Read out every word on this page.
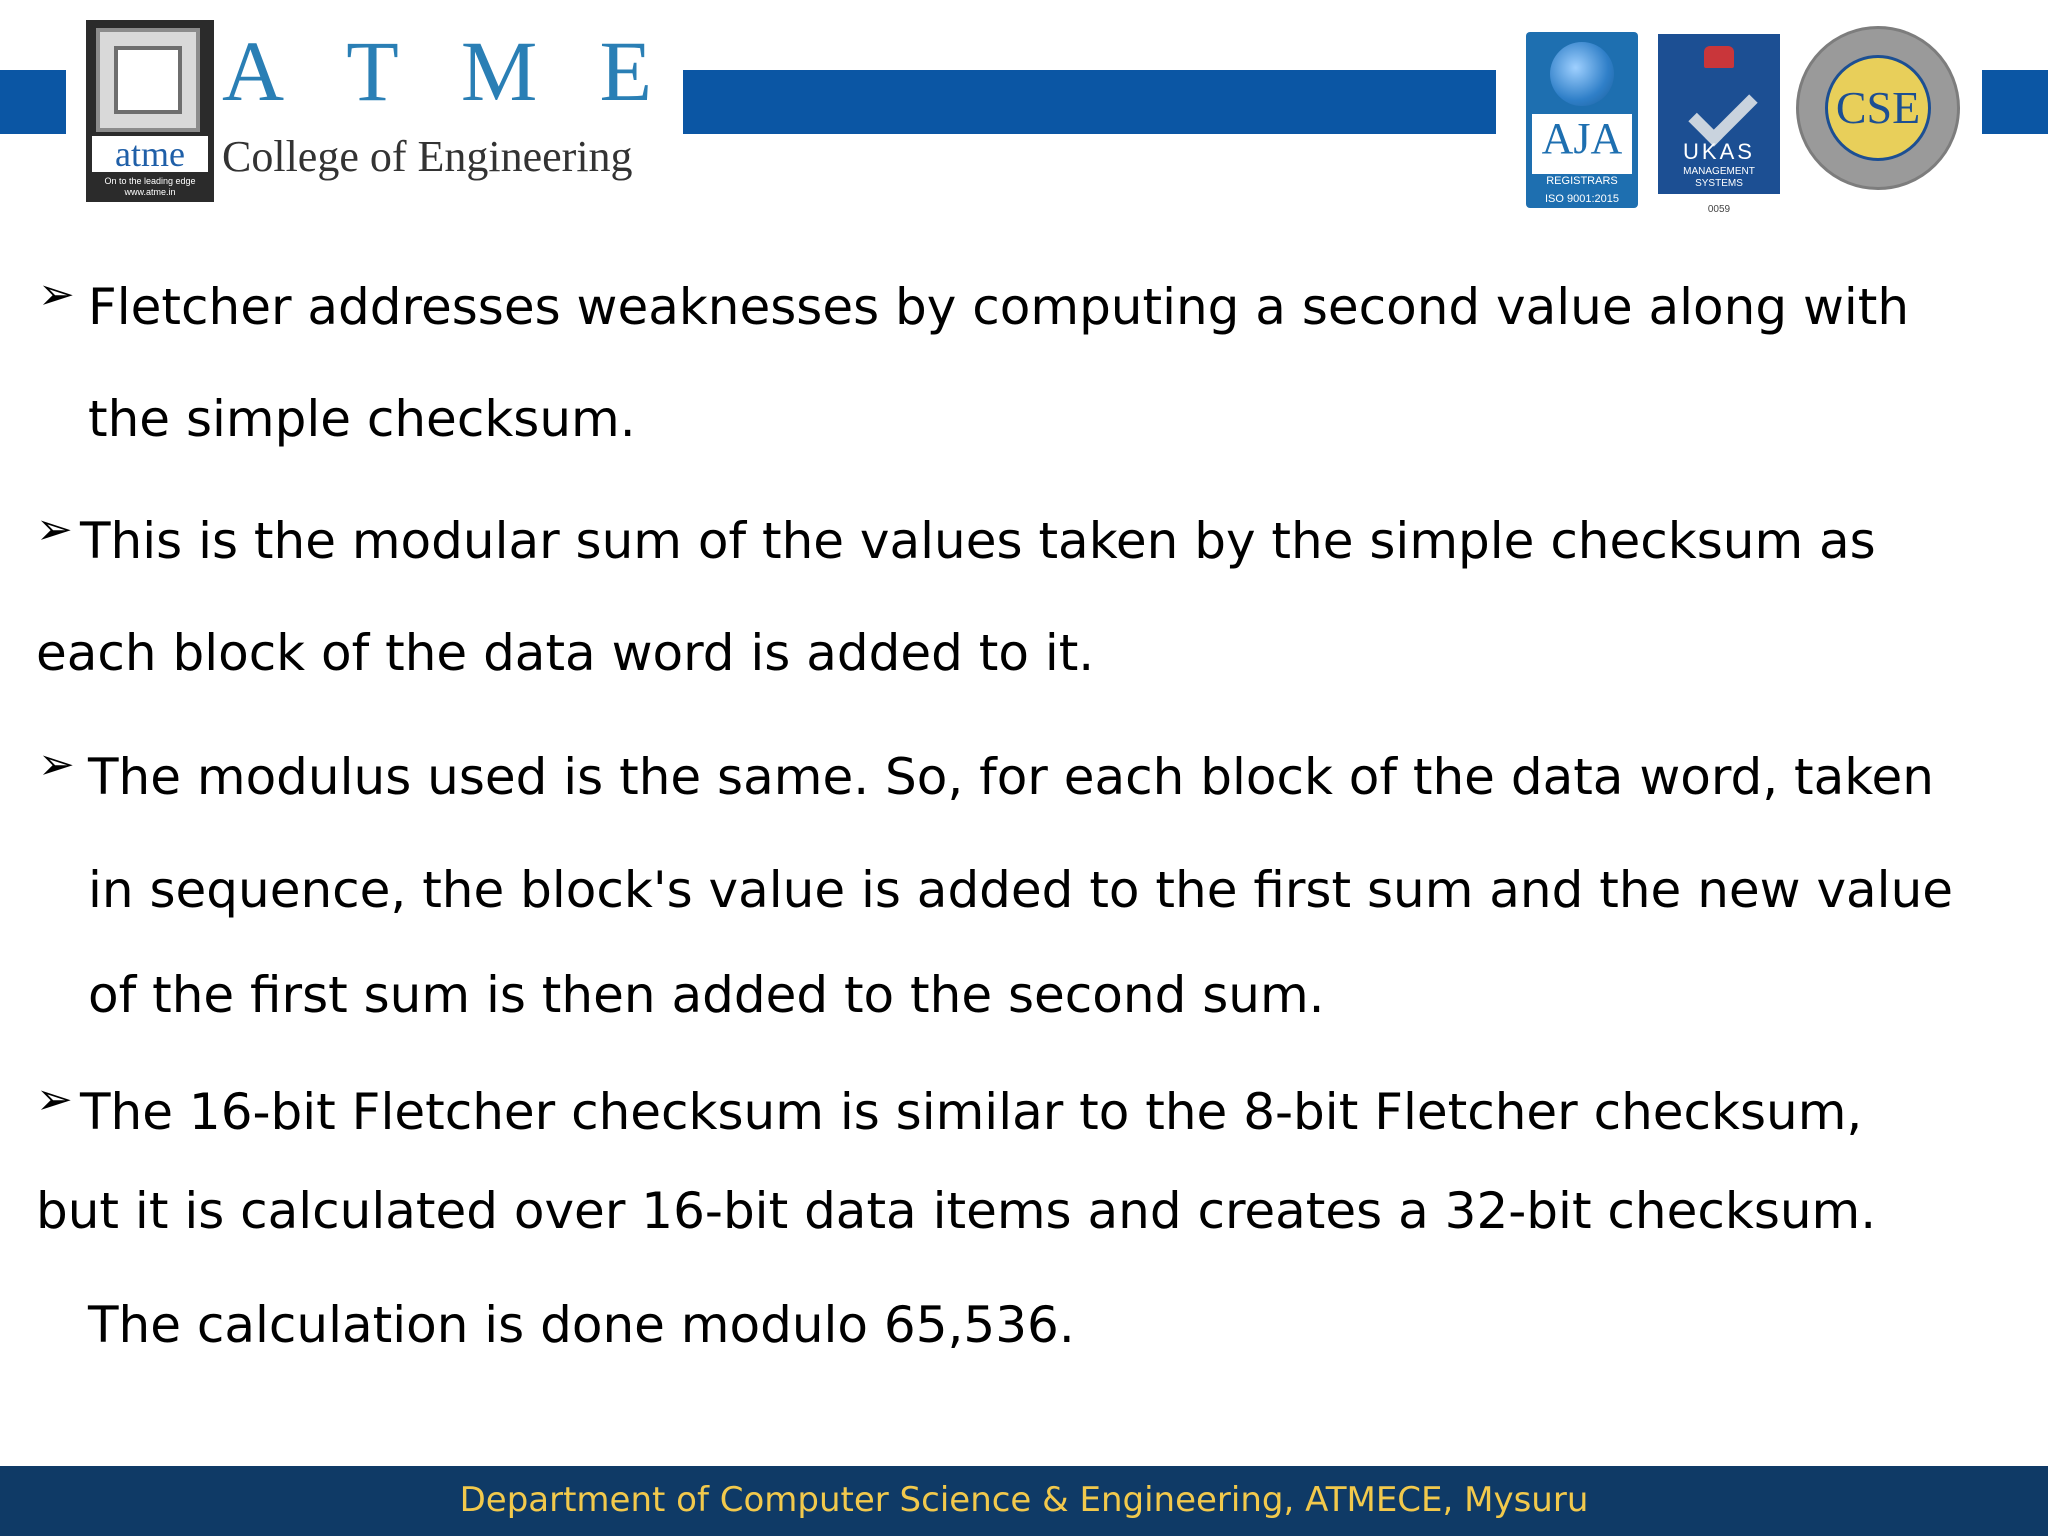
atme
On to the leading edge www.atme.in
A T M E
College of Engineering	AJA
REGISTRARS
ISO 9001:2015
UKAS
MANAGEMENT SYSTEMS
0059
CSE
➢ Fletcher addresses weaknesses by computing a second value along with
the simple checksum.
➢ This is the modular sum of the values taken by the simple checksum as
each block of the data word is added to it.
➢ The modulus used is the same. So, for each block of the data word, taken
in sequence, the block's value is added to the first sum and the new value
of the first sum is then added to the second sum.
➢ The 16-bit Fletcher checksum is similar to the 8-bit Fletcher checksum,
but it is calculated over 16-bit data items and creates a 32-bit checksum.
The calculation is done modulo 65,536.
Department of Computer Science & Engineering, ATMECE, Mysuru
